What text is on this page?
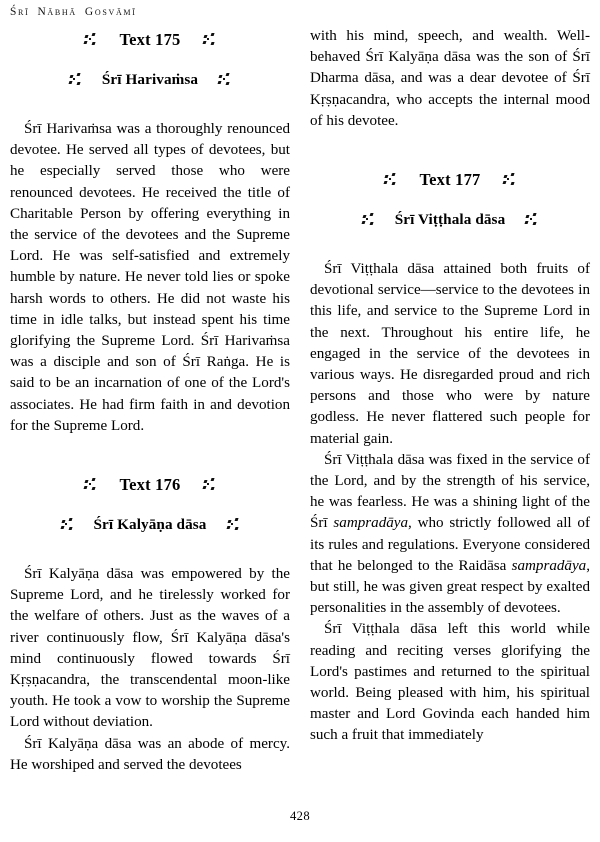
Śrī Nābhā Gosvāmī
Text 175
Śrī Harivaṁsa

Śrī Harivaṁsa was a thoroughly renounced devotee. He served all types of devotees, but he especially served those who were renounced devotees. He received the title of Charitable Person by offering everything in the service of the devotees and the Supreme Lord. He was self-satisfied and extremely humble by nature. He never told lies or spoke harsh words to others. He did not waste his time in idle talks, but instead spent his time glorifying the Supreme Lord. Śrī Harivaṁsa was a disciple and son of Śrī Raṅga. He is said to be an incarnation of one of the Lord's associates. He had firm faith in and devotion for the Supreme Lord.

Text 176
Śrī Kalyāṇa dāsa

Śrī Kalyāṇa dāsa was empowered by the Supreme Lord, and he tirelessly worked for the welfare of others. Just as the waves of a river continuously flow, Śrī Kalyāṇa dāsa's mind continuously flowed towards Śrī Kṛṣṇacandra, the transcendental moon-like youth. He took a vow to worship the Supreme Lord without deviation.

Śrī Kalyāṇa dāsa was an abode of mercy. He worshiped and served the devotees

with his mind, speech, and wealth. Well-behaved Śrī Kalyāṇa dāsa was the son of Śrī Dharma dāsa, and was a dear devotee of Śrī Kṛṣṇacandra, who accepts the internal mood of his devotee.

Text 177
Śrī Viṭṭhala dāsa

Śrī Viṭṭhala dāsa attained both fruits of devotional service—service to the devotees in this life, and service to the Supreme Lord in the next. Throughout his entire life, he engaged in the service of the devotees in various ways. He disregarded proud and rich persons and those who were by nature godless. He never flattered such people for material gain.

Śrī Viṭṭhala dāsa was fixed in the service of the Lord, and by the strength of his service, he was fearless. He was a shining light of the Śrī sampradāya, who strictly followed all of its rules and regulations. Everyone considered that he belonged to the Raidāsa sampradāya, but still, he was given great respect by exalted personalities in the assembly of devotees.

Śrī Viṭṭhala dāsa left this world while reading and reciting verses glorifying the Lord's pastimes and returned to the spiritual world. Being pleased with him, his spiritual master and Lord Govinda each handed him such a fruit that immediately

428
